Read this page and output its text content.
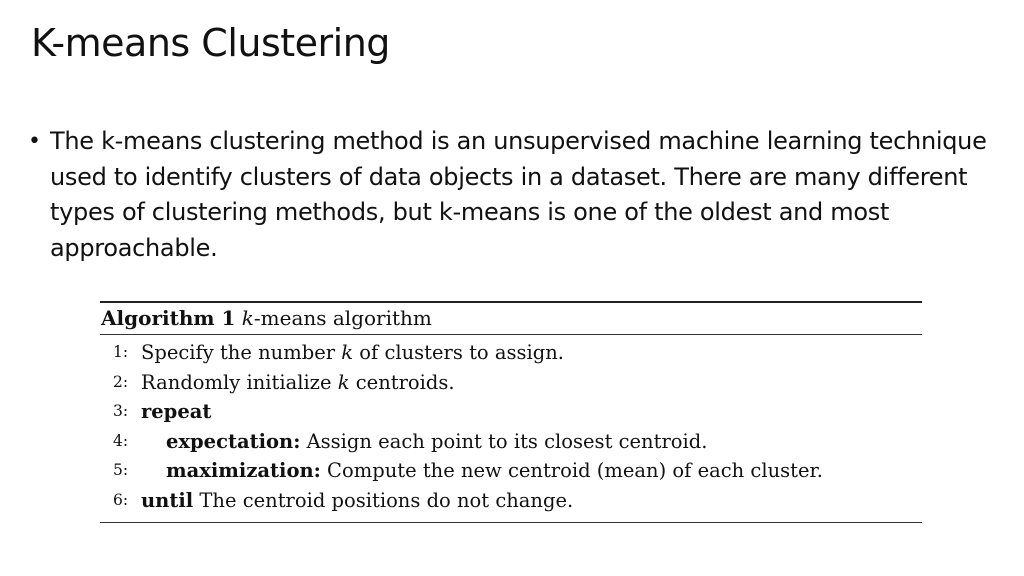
K-means Clustering
• The k-means clustering method is an unsupervised machine learning technique used to identify clusters of data objects in a dataset. There are many different types of clustering methods, but k-means is one of the oldest and most approachable.
Algorithm 1 k-means algorithm
1: Specify the number k of clusters to assign.
2: Randomly initialize k centroids.
3: repeat
4:	expectation: Assign each point to its closest centroid.
5:	maximization: Compute the new centroid (mean) of each cluster.
6: until The centroid positions do not change.
